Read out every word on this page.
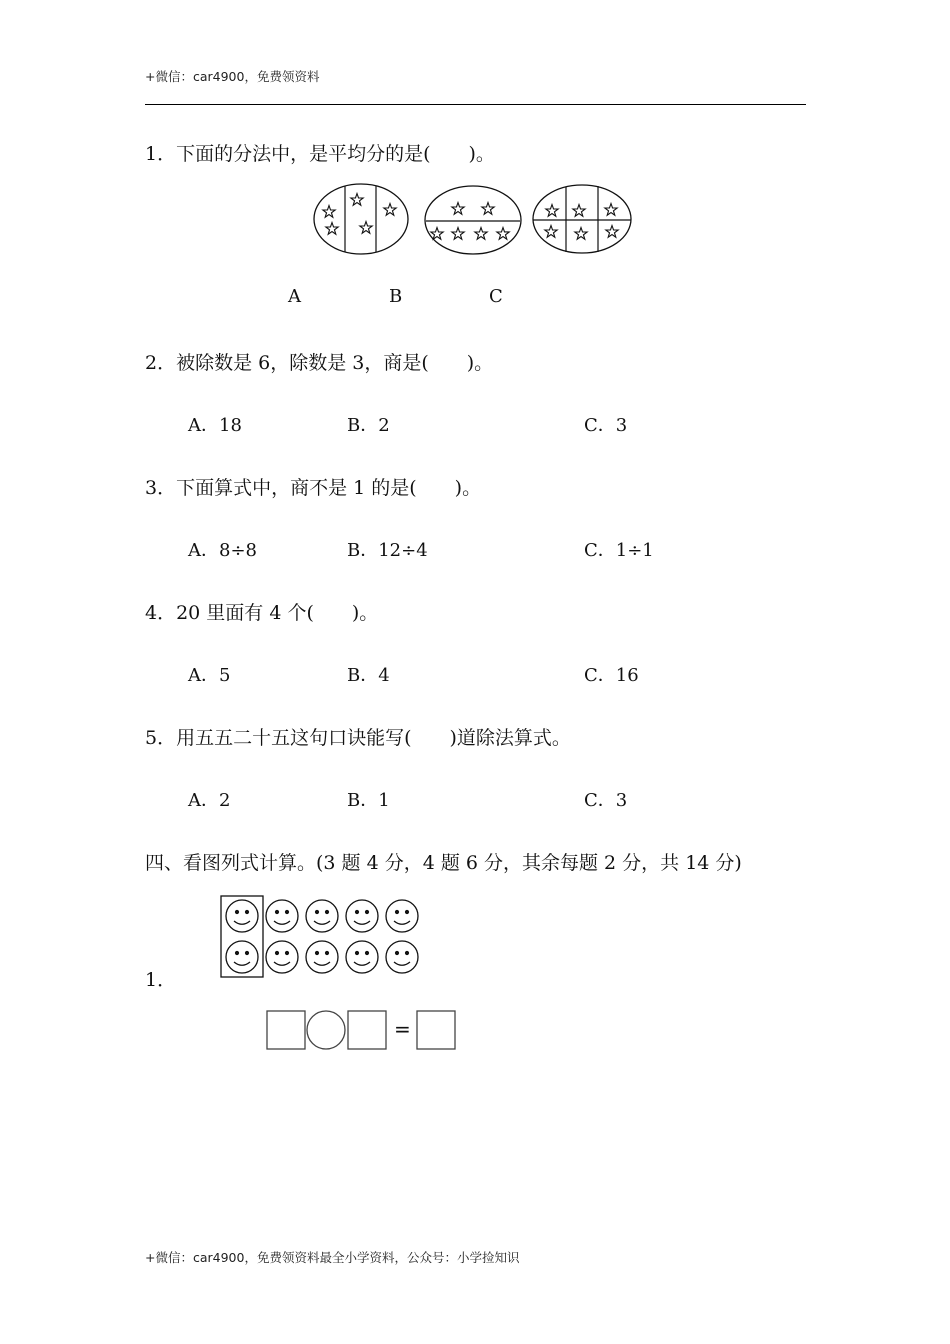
+微信：car4900，免费领资料
1．下面的分法中，是平均分的是(　　)。
A	B	C
2．被除数是 6，除数是 3，商是(　　)。
A．18	B．2	C．3
3．下面算式中，商不是 1 的是(　　)。
A．8÷8	B．12÷4	C．1÷1
4．20 里面有 4 个(　　)。
A．5	B．4	C．16
5．用五五二十五这句口诀能写(　　)道除法算式。
A．2	B．1	C．3
四、看图列式计算。(3 题 4 分，4 题 6 分，其余每题 2 分，共 14 分)
1．
=
+微信：car4900，免费领资料最全小学资料，公众号：小学捡知识
